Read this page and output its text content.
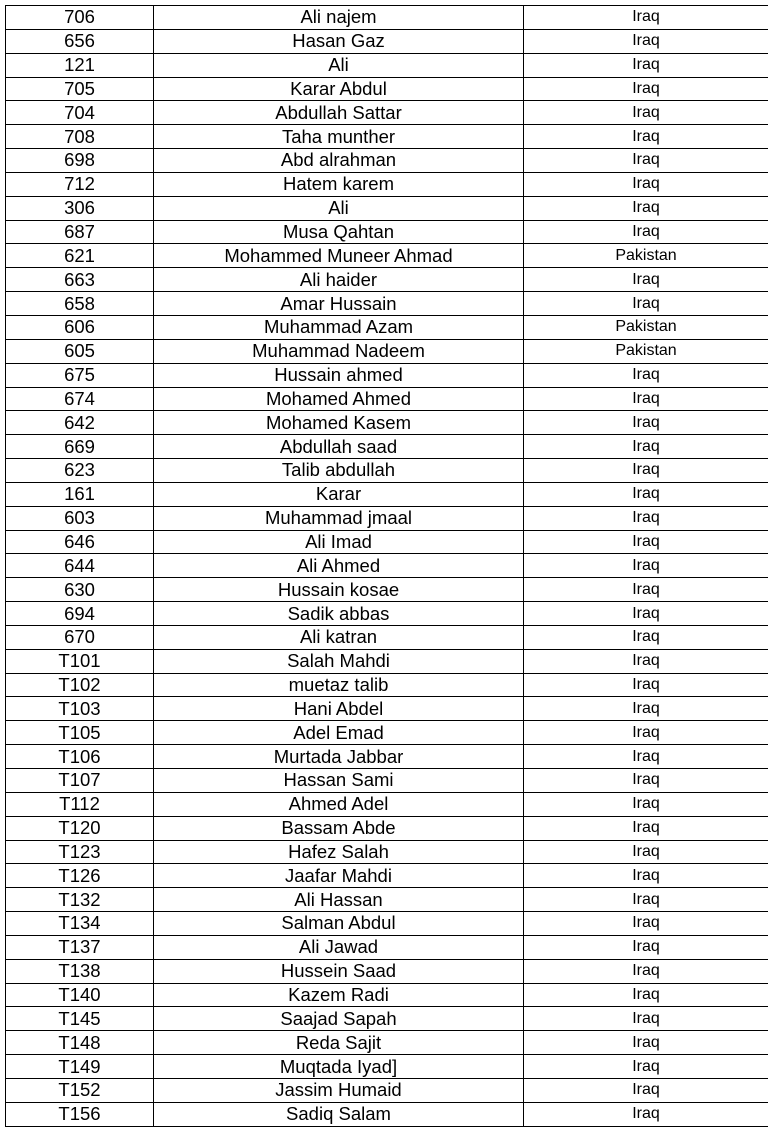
706	Ali najem	Iraq
656	Hasan Gaz	Iraq
121	Ali	Iraq
705	Karar Abdul	Iraq
704	Abdullah Sattar	Iraq
708	Taha munther	Iraq
698	Abd alrahman	Iraq
712	Hatem karem	Iraq
306	Ali	Iraq
687	Musa Qahtan	Iraq
621	Mohammed Muneer Ahmad	Pakistan
663	Ali haider	Iraq
658	Amar Hussain	Iraq
606	Muhammad Azam	Pakistan
605	Muhammad Nadeem	Pakistan
675	Hussain ahmed	Iraq
674	Mohamed Ahmed	Iraq
642	Mohamed Kasem	Iraq
669	Abdullah saad	Iraq
623	Talib abdullah	Iraq
161	Karar	Iraq
603	Muhammad jmaal	Iraq
646	Ali Imad	Iraq
644	Ali Ahmed	Iraq
630	Hussain kosae	Iraq
694	Sadik abbas	Iraq
670	Ali katran	Iraq
T101	Salah Mahdi	Iraq
T102	muetaz talib	Iraq
T103	Hani Abdel	Iraq
T105	Adel Emad	Iraq
T106	Murtada Jabbar	Iraq
T107	Hassan Sami	Iraq
T112	Ahmed Adel	Iraq
T120	Bassam Abde	Iraq
T123	Hafez Salah	Iraq
T126	Jaafar Mahdi	Iraq
T132	Ali Hassan	Iraq
T134	Salman Abdul	Iraq
T137	Ali Jawad	Iraq
T138	Hussein Saad	Iraq
T140	Kazem Radi	Iraq
T145	Saajad Sapah	Iraq
T148	Reda Sajit	Iraq
T149	Muqtada Iyad]	Iraq
T152	Jassim Humaid	Iraq
T156	Sadiq Salam	Iraq
